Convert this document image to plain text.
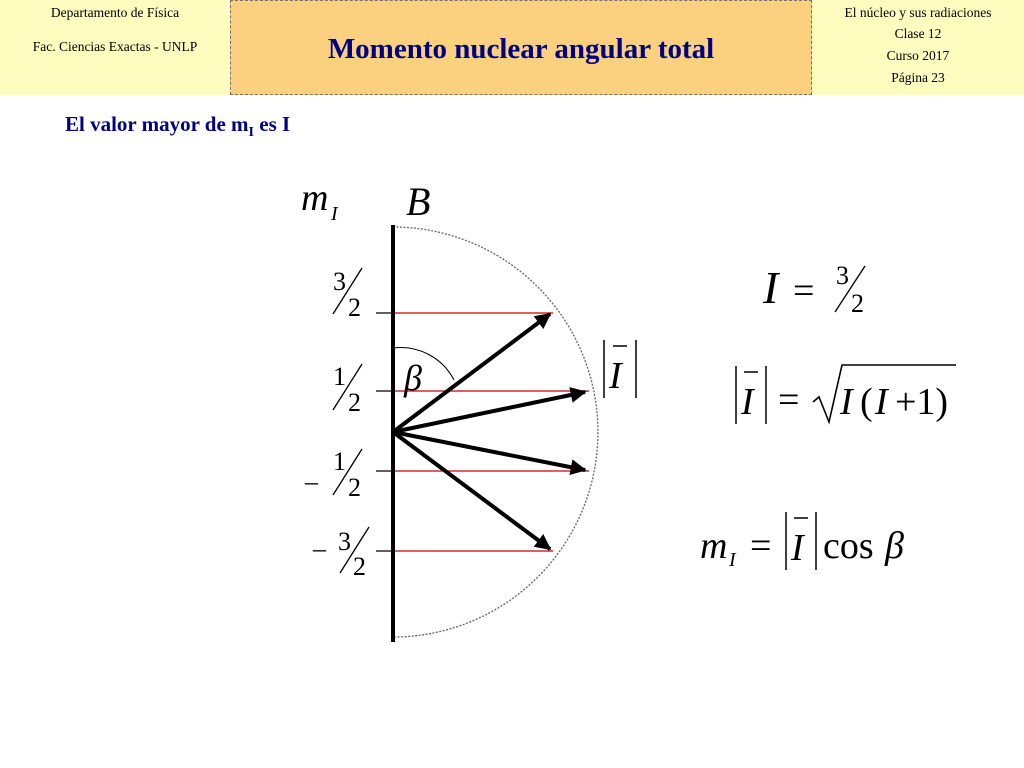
Departamento de Física
Fac. Ciencias Exactas - UNLP	Momento nuclear angular total
El núcleo y sus radiaciones
Clase 12
Curso 2017
Página 23
El valor mayor de $m_I$ es I
m I B
β	I
3
2
1
2
–
1
2
– 3
2
I = 3
2
I = I ( I +1)
m I = I cos β
